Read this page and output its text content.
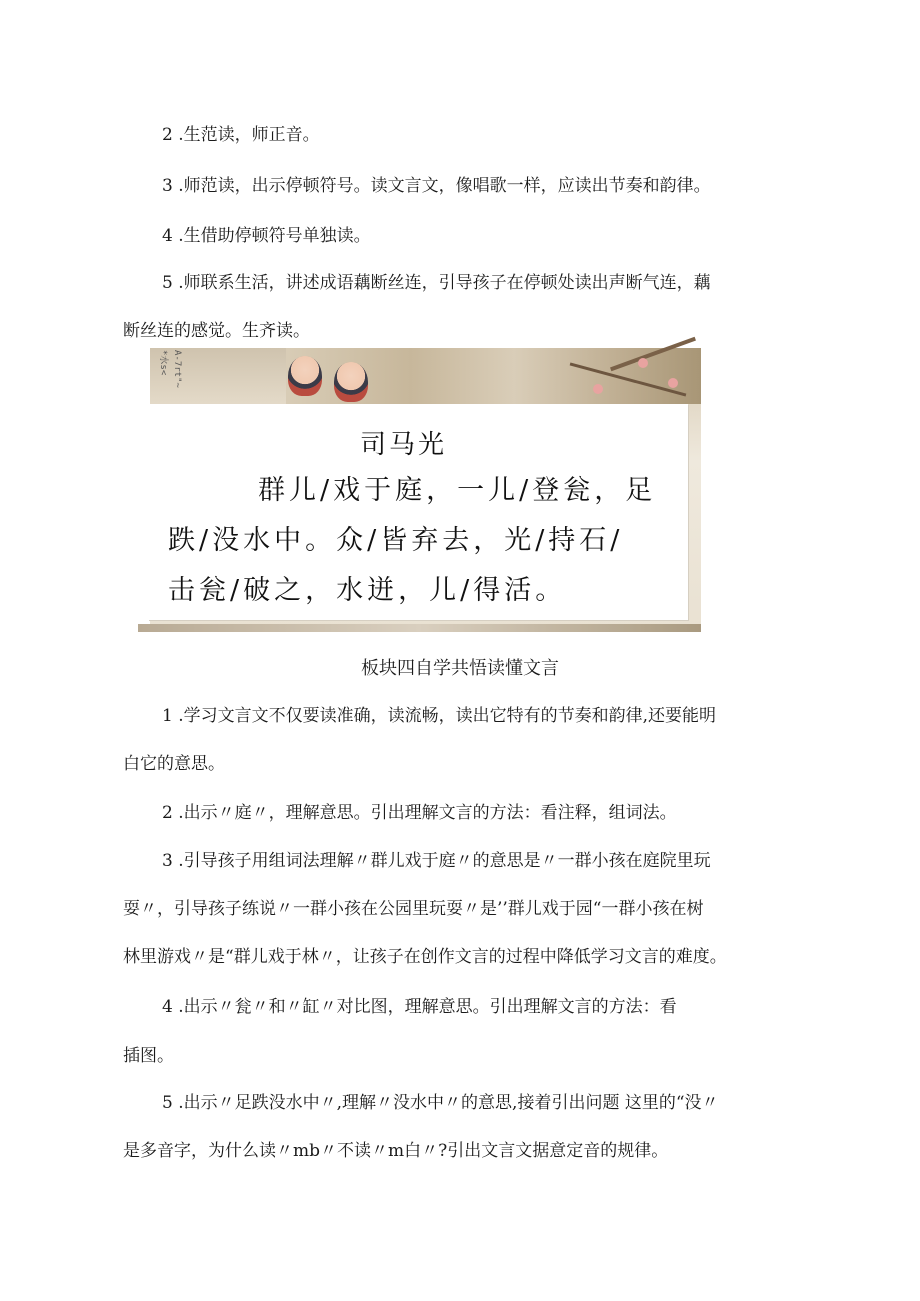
2 .生范读，师正音。
3 .师范读，出示停顿符号。读文言文，像唱歌一样，应读出节奏和韵律。
4 .生借助停顿符号单独读。
5 .师联系生活，讲述成语藕断丝连，引导孩子在停顿处读出声断气连，藕
断丝连的感觉。生齐读。
*水s< A-7rt"~
司马光
群儿/戏于庭，一儿/登瓮，足
跌/没水中。众/皆弃去，光/持石/
击瓮/破之，水迸，儿/得活。
板块四自学共悟读懂文言
1 .学习文言文不仅要读准确，读流畅，读出它特有的节奏和韵律,还要能明
白它的意思。
2 .出示〃庭〃，理解意思。引出理解文言的方法：看注释，组词法。
3 .引导孩子用组词法理解〃群儿戏于庭〃的意思是〃一群小孩在庭院里玩
耍〃，引导孩子练说〃一群小孩在公园里玩耍〃是’’群儿戏于园“一群小孩在树
林里游戏〃是“群儿戏于林〃，让孩子在创作文言的过程中降低学习文言的难度。
4 .出示〃瓮〃和〃缸〃对比图，理解意思。引出理解文言的方法：看
插图。
5 .出示〃足跌没水中〃,理解〃没水中〃的意思,接着引出问题 这里的“没〃
是多音字，为什么读〃mb〃不读〃m白〃?引出文言文据意定音的规律。
